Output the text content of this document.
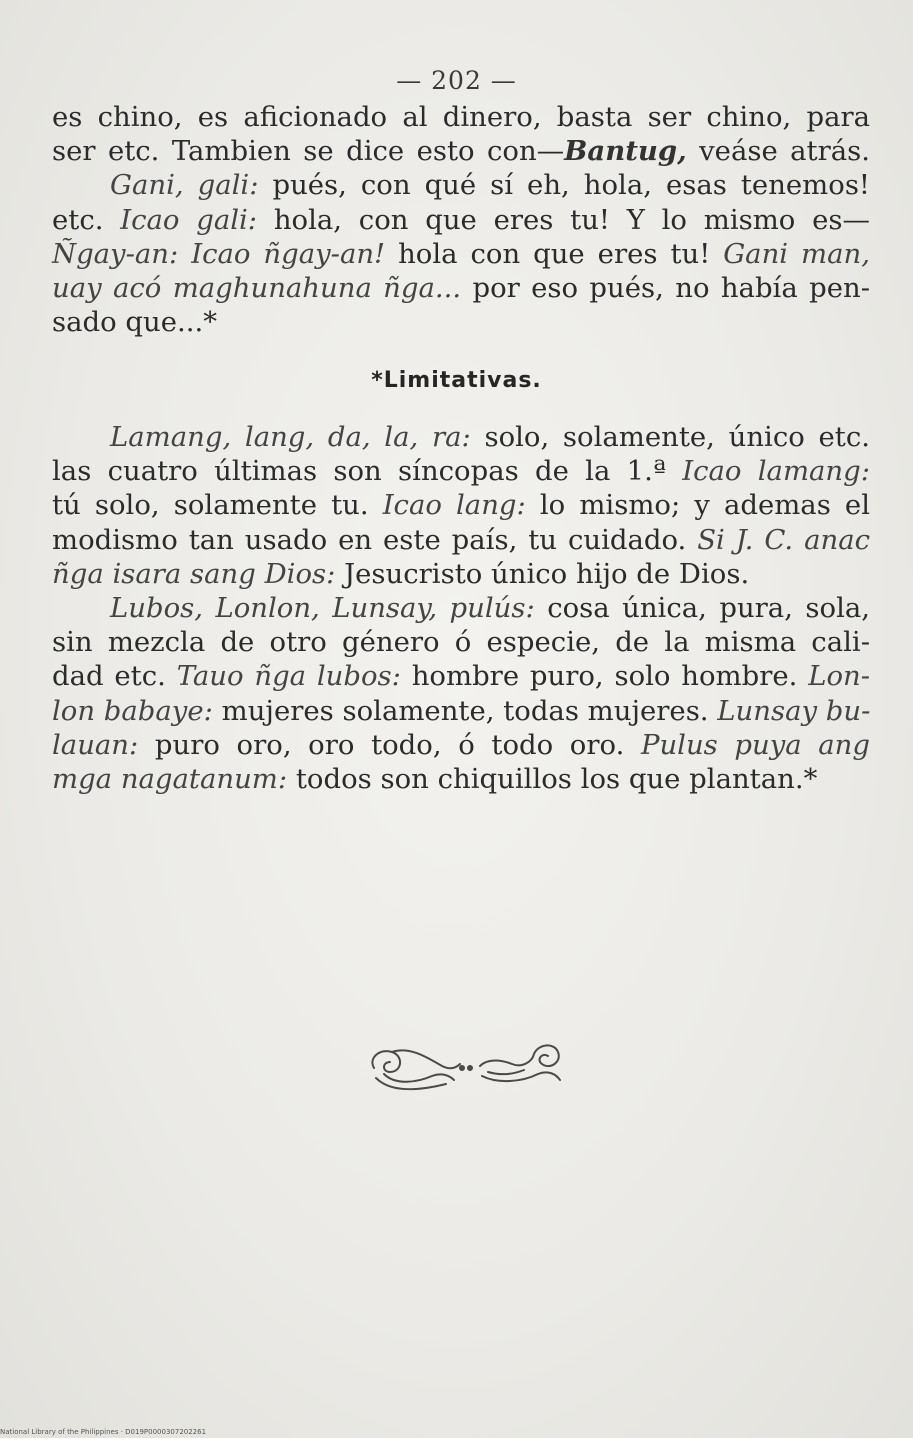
— 202 —
es chino, es aficionado al dinero, basta ser chino, para
ser etc. Tambien se dice esto con—Bantug, veáse atrás.
Gani, gali: pués, con qué sí eh, hola, esas tenemos!
etc. Icao gali: hola, con que eres tu! Y lo mismo es—
Ñgay-an: Icao ñgay-an! hola con que eres tu! Gani man,
uay acó maghunahuna ñga... por eso pués, no había pen-
sado que...*
*Limitativas.
Lamang, lang, da, la, ra: solo, solamente, único etc.
las cuatro últimas son síncopas de la 1.ª Icao lamang:
tú solo, solamente tu. Icao lang: lo mismo; y ademas el
modismo tan usado en este país, tu cuidado. Si J. C. anac
ñga isara sang Dios: Jesucristo único hijo de Dios.
Lubos, Lonlon, Lunsay, pulús: cosa única, pura, sola,
sin mezcla de otro género ó especie, de la misma cali-
dad etc. Tauo ñga lubos: hombre puro, solo hombre. Lon-
lon babaye: mujeres solamente, todas mujeres. Lunsay bu-
lauan: puro oro, oro todo, ó todo oro. Pulus puya ang
mga nagatanum: todos son chiquillos los que plantan.*
National Library of the Philippines · D019P0000307202261
